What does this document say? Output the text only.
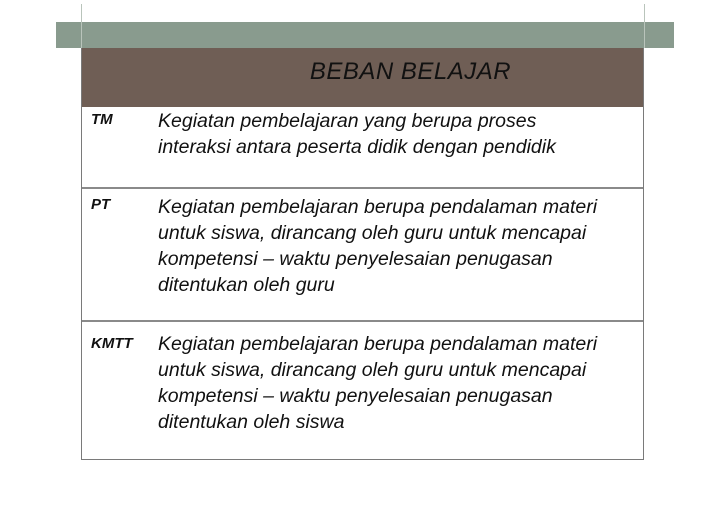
BEBAN BELAJAR
TM Kegiatan pembelajaran yang berupa proses interaksi antara peserta didik dengan pendidik
PT Kegiatan pembelajaran berupa pendalaman materi untuk siswa, dirancang oleh guru untuk mencapai kompetensi – waktu penyelesaian penugasan ditentukan oleh guru
KMTT Kegiatan pembelajaran berupa pendalaman materi untuk siswa, dirancang oleh guru untuk mencapai kompetensi – waktu penyelesaian penugasan ditentukan oleh siswa
